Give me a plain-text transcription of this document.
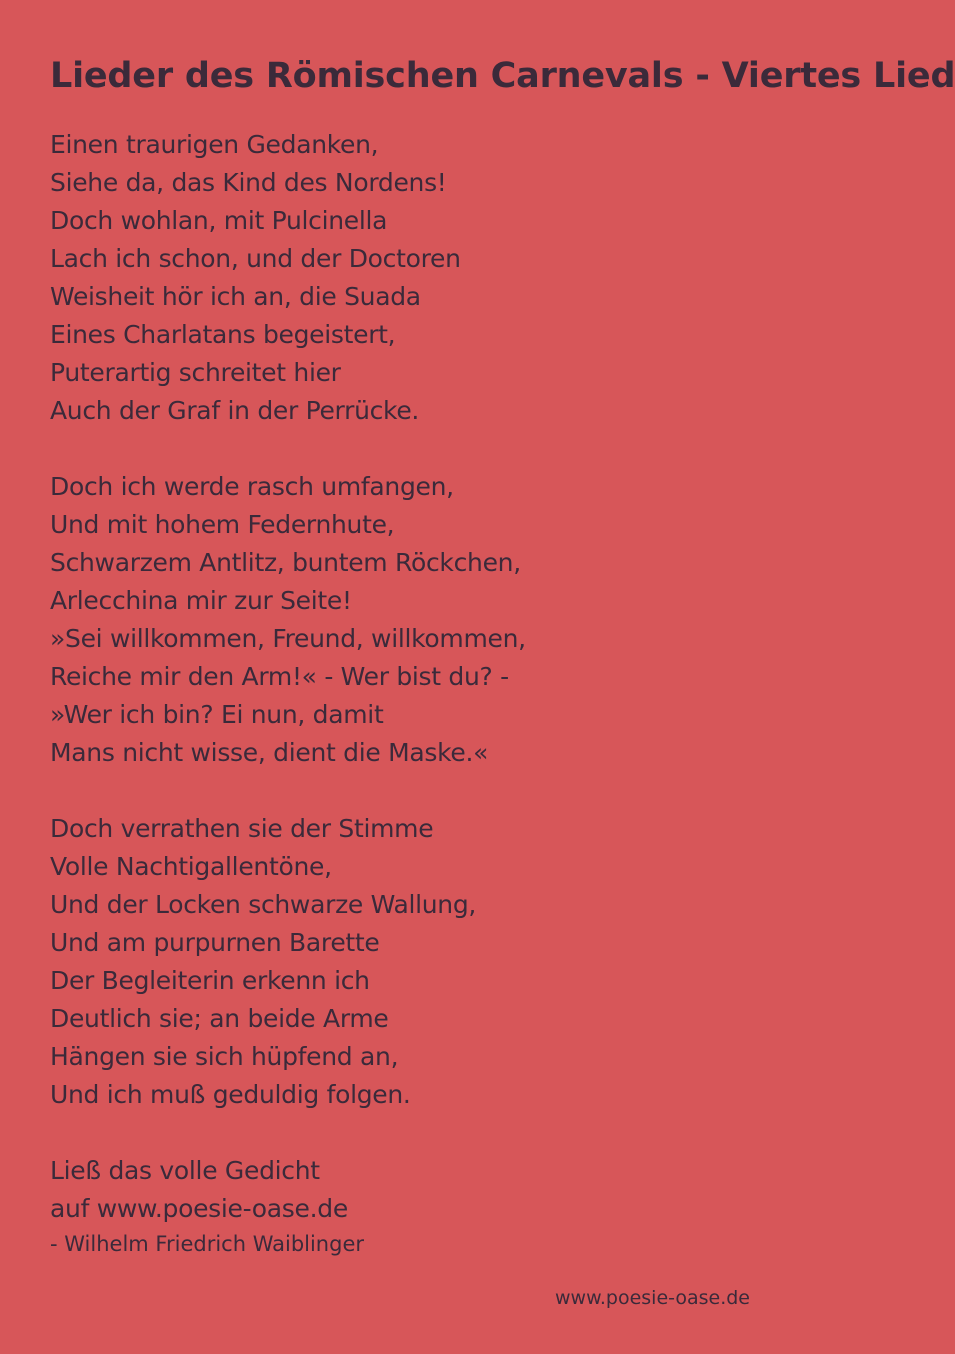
Lieder des Römischen Carnevals - Viertes Lied
Einen traurigen Gedanken,
Siehe da, das Kind des Nordens!
Doch wohlan, mit Pulcinella
Lach ich schon, und der Doctoren
Weisheit hör ich an, die Suada
Eines Charlatans begeistert,
Puterartig schreitet hier
Auch der Graf in der Perrücke.
Doch ich werde rasch umfangen,
Und mit hohem Federnhute,
Schwarzem Antlitz, buntem Röckchen,
Arlecchina mir zur Seite!
»Sei willkommen, Freund, willkommen,
Reiche mir den Arm!« - Wer bist du? -
»Wer ich bin? Ei nun, damit
Mans nicht wisse, dient die Maske.«
Doch verrathen sie der Stimme
Volle Nachtigallentöne,
Und der Locken schwarze Wallung,
Und am purpurnen Barette
Der Begleiterin erkenn ich
Deutlich sie; an beide Arme
Hängen sie sich hüpfend an,
Und ich muß geduldig folgen.
Ließ das volle Gedicht
auf www.poesie-oase.de
- Wilhelm Friedrich Waiblinger
www.poesie-oase.de
